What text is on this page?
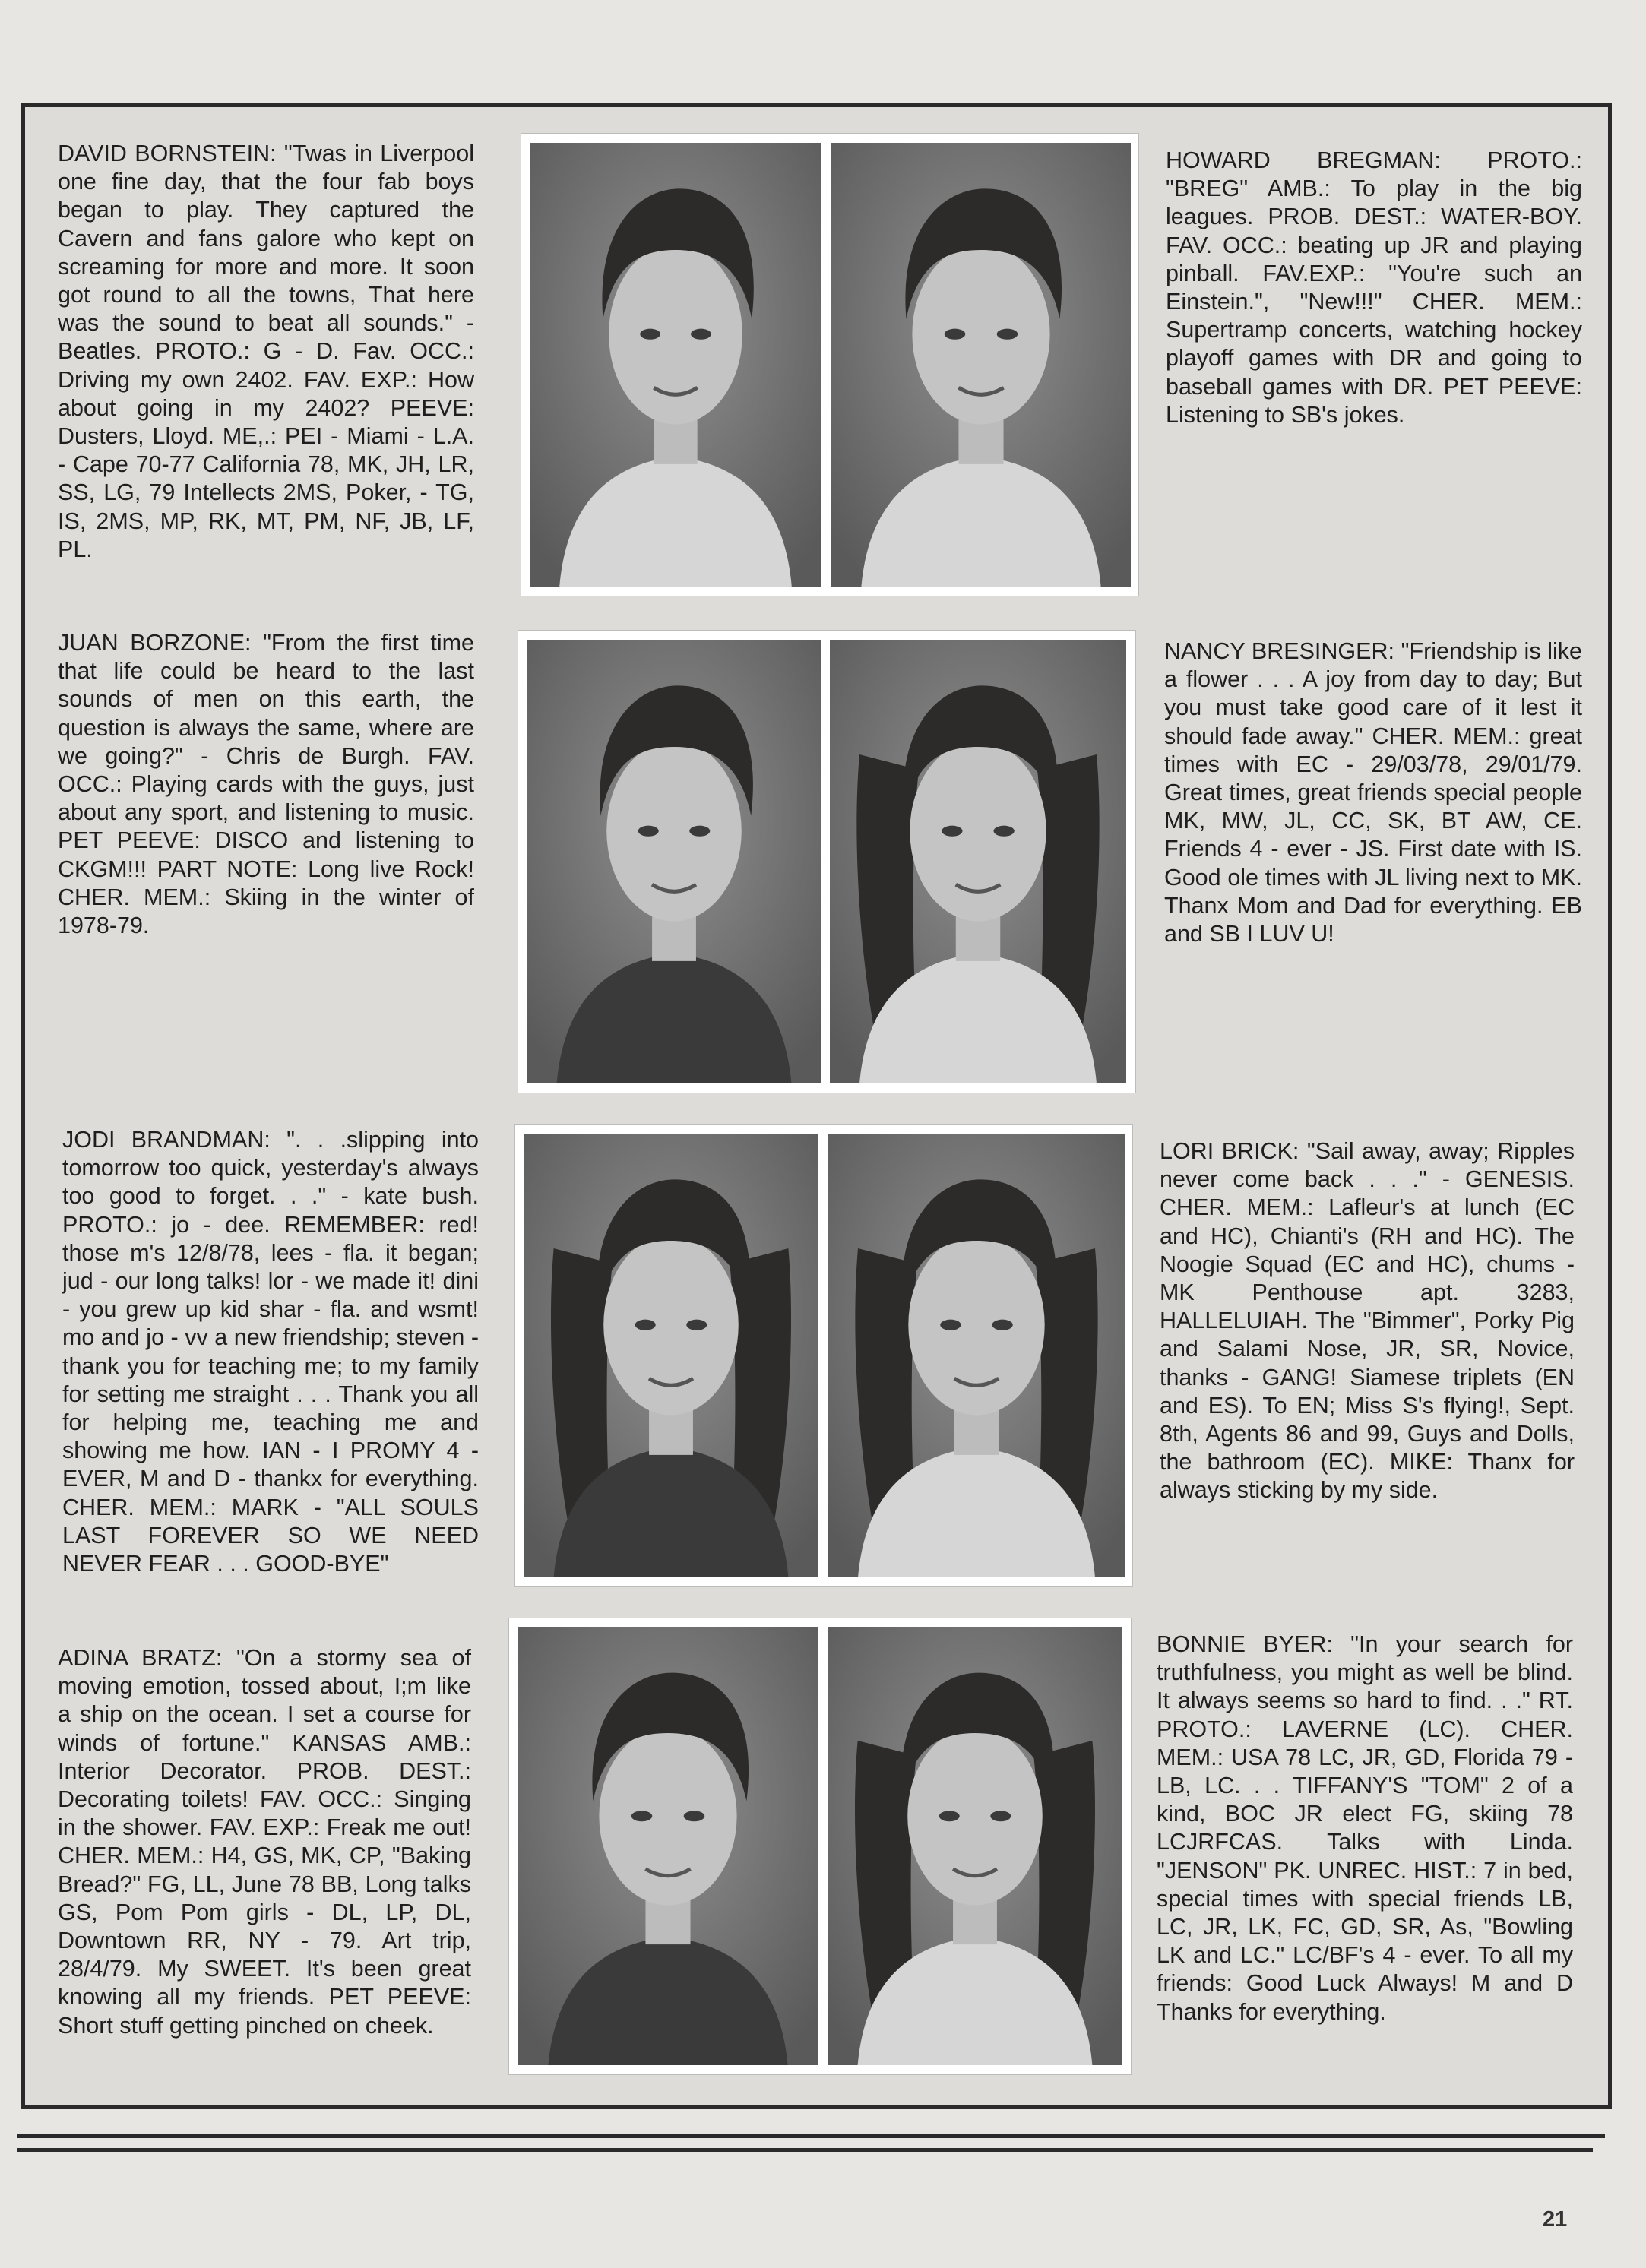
DAVID BORNSTEIN: "Twas in Liverpool one fine day, that the four fab boys began to play. They captured the Cavern and fans galore who kept on screaming for more and more. It soon got round to all the towns, That here was the sound to beat all sounds." - Beatles. PROTO.: G - D. Fav. OCC.: Driving my own 2402. FAV. EXP.: How about going in my 2402? PEEVE: Dusters, Lloyd. ME,.: PEI - Miami - L.A. - Cape 70-77 California 78, MK, JH, LR, SS, LG, 79 Intellects 2MS, Poker, - TG, IS, 2MS, MP, RK, MT, PM, NF, JB, LF, PL.
HOWARD BREGMAN: PROTO.: "BREG" AMB.: To play in the big leagues. PROB. DEST.: WATER-BOY. FAV. OCC.: beating up JR and playing pinball. FAV.EXP.: "You're such an Einstein.", "New!!!" CHER. MEM.: Supertramp concerts, watching hockey playoff games with DR and going to baseball games with DR. PET PEEVE: Listening to SB's jokes.
JUAN BORZONE: "From the first time that life could be heard to the last sounds of men on this earth, the question is always the same, where are we going?" - Chris de Burgh. FAV. OCC.: Playing cards with the guys, just about any sport, and listening to music. PET PEEVE: DISCO and listening to CKGM!!! PART NOTE: Long live Rock! CHER. MEM.: Skiing in the winter of 1978-79.
NANCY BRESINGER: "Friendship is like a flower . . . A joy from day to day; But you must take good care of it lest it should fade away." CHER. MEM.: great times with EC - 29/03/78, 29/01/79. Great times, great friends special people MK, MW, JL, CC, SK, BT AW, CE. Friends 4 - ever - JS. First date with IS. Good ole times with JL living next to MK. Thanx Mom and Dad for everything. EB and SB I LUV U!
JODI BRANDMAN: ". . .slipping into tomorrow too quick, yesterday's always too good to forget. . ." - kate bush. PROTO.: jo - dee. REMEMBER: red! those m's 12/8/78, lees - fla. it began; jud - our long talks! lor - we made it! dini - you grew up kid shar - fla. and wsmt! mo and jo - vv a new friendship; steven - thank you for teaching me; to my family for setting me straight . . . Thank you all for helping me, teaching me and showing me how. IAN - I PROMY 4 - EVER, M and D - thankx for everything. CHER. MEM.: MARK - "ALL SOULS LAST FOREVER SO WE NEED NEVER FEAR . . . GOOD-BYE"
LORI BRICK: "Sail away, away; Ripples never come back . . ." - GENESIS. CHER. MEM.: Lafleur's at lunch (EC and HC), Chianti's (RH and HC). The Noogie Squad (EC and HC), chums - MK Penthouse apt. 3283, HALLELUIAH. The "Bimmer", Porky Pig and Salami Nose, JR, SR, Novice, thanks - GANG! Siamese triplets (EN and ES). To EN; Miss S's flying!, Sept. 8th, Agents 86 and 99, Guys and Dolls, the bathroom (EC). MIKE: Thanx for always sticking by my side.
ADINA BRATZ: "On a stormy sea of moving emotion, tossed about, I;m like a ship on the ocean. I set a course for winds of fortune." KANSAS AMB.: Interior Decorator. PROB. DEST.: Decorating toilets! FAV. OCC.: Singing in the shower. FAV. EXP.: Freak me out! CHER. MEM.: H4, GS, MK, CP, "Baking Bread?" FG, LL, June 78 BB, Long talks GS, Pom Pom girls - DL, LP, DL, Downtown RR, NY - 79. Art trip, 28/4/79. My SWEET. It's been great knowing all my friends. PET PEEVE: Short stuff getting pinched on cheek.
BONNIE BYER: "In your search for truthfulness, you might as well be blind. It always seems so hard to find. . ." RT. PROTO.: LAVERNE (LC). CHER. MEM.: USA 78 LC, JR, GD, Florida 79 - LB, LC. . . TIFFANY'S "TOM" 2 of a kind, BOC JR elect FG, skiing 78 LCJRFCAS. Talks with Linda. "JENSON" PK. UNREC. HIST.: 7 in bed, special times with special friends LB, LC, JR, LK, FC, GD, SR, As, "Bowling LK and LC." LC/BF's 4 - ever. To all my friends: Good Luck Always! M and D Thanks for everything.
21
